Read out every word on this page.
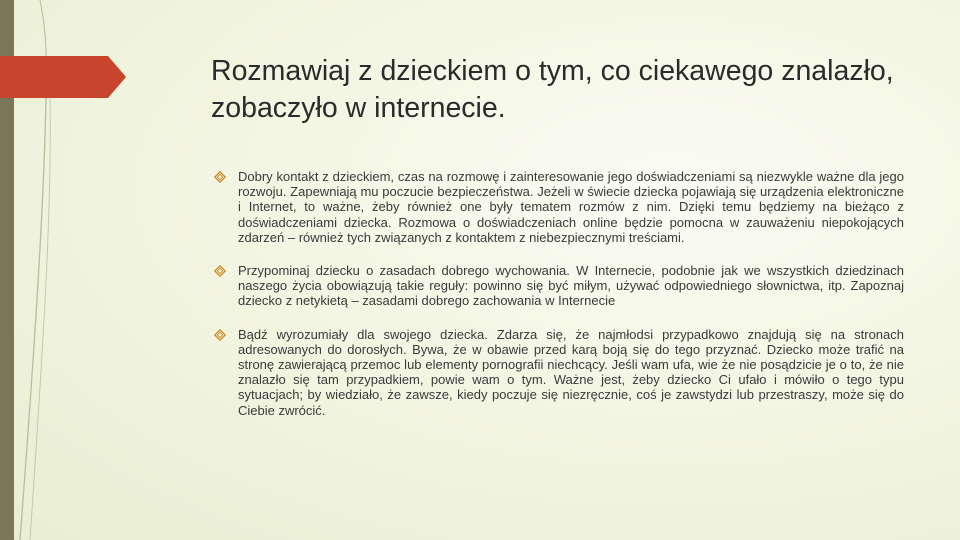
Rozmawiaj z dzieckiem o tym, co ciekawego znalazło, zobaczyło w internecie.
Dobry kontakt z dzieckiem, czas na rozmowę i zainteresowanie jego doświadczeniami są niezwykle ważne dla jego rozwoju. Zapewniają mu poczucie bezpieczeństwa. Jeżeli w świecie dziecka pojawiają się urządzenia elektroniczne i Internet, to ważne, żeby również one były tematem rozmów z nim. Dzięki temu będziemy na bieżąco z doświadczeniami dziecka. Rozmowa o doświadczeniach online będzie pomocna w zauważeniu niepokojących zdarzeń – również tych związanych z kontaktem z niebezpiecznymi treściami.
Przypominaj dziecku o zasadach dobrego wychowania. W Internecie, podobnie jak we wszystkich dziedzinach naszego życia obowiązują takie reguły: powinno się być miłym, używać odpowiedniego słownictwa, itp. Zapoznaj dziecko z netykietą – zasadami dobrego zachowania w Internecie
Bądź wyrozumiały dla swojego dziecka. Zdarza się, że najmłodsi przypadkowo znajdują się na stronach adresowanych do dorosłych. Bywa, że w obawie przed karą boją się do tego przyznać. Dziecko może trafić na stronę zawierającą przemoc lub elementy pornografii niechcący. Jeśli wam ufa, wie że nie posądzicie je o to, że nie znalazło się tam przypadkiem, powie wam o tym. Ważne jest, żeby dziecko Ci ufało i mówiło o tego typu sytuacjach; by wiedziało, że zawsze, kiedy poczuje się niezręcznie, coś je zawstydzi lub przestraszy, może się do Ciebie zwrócić.
